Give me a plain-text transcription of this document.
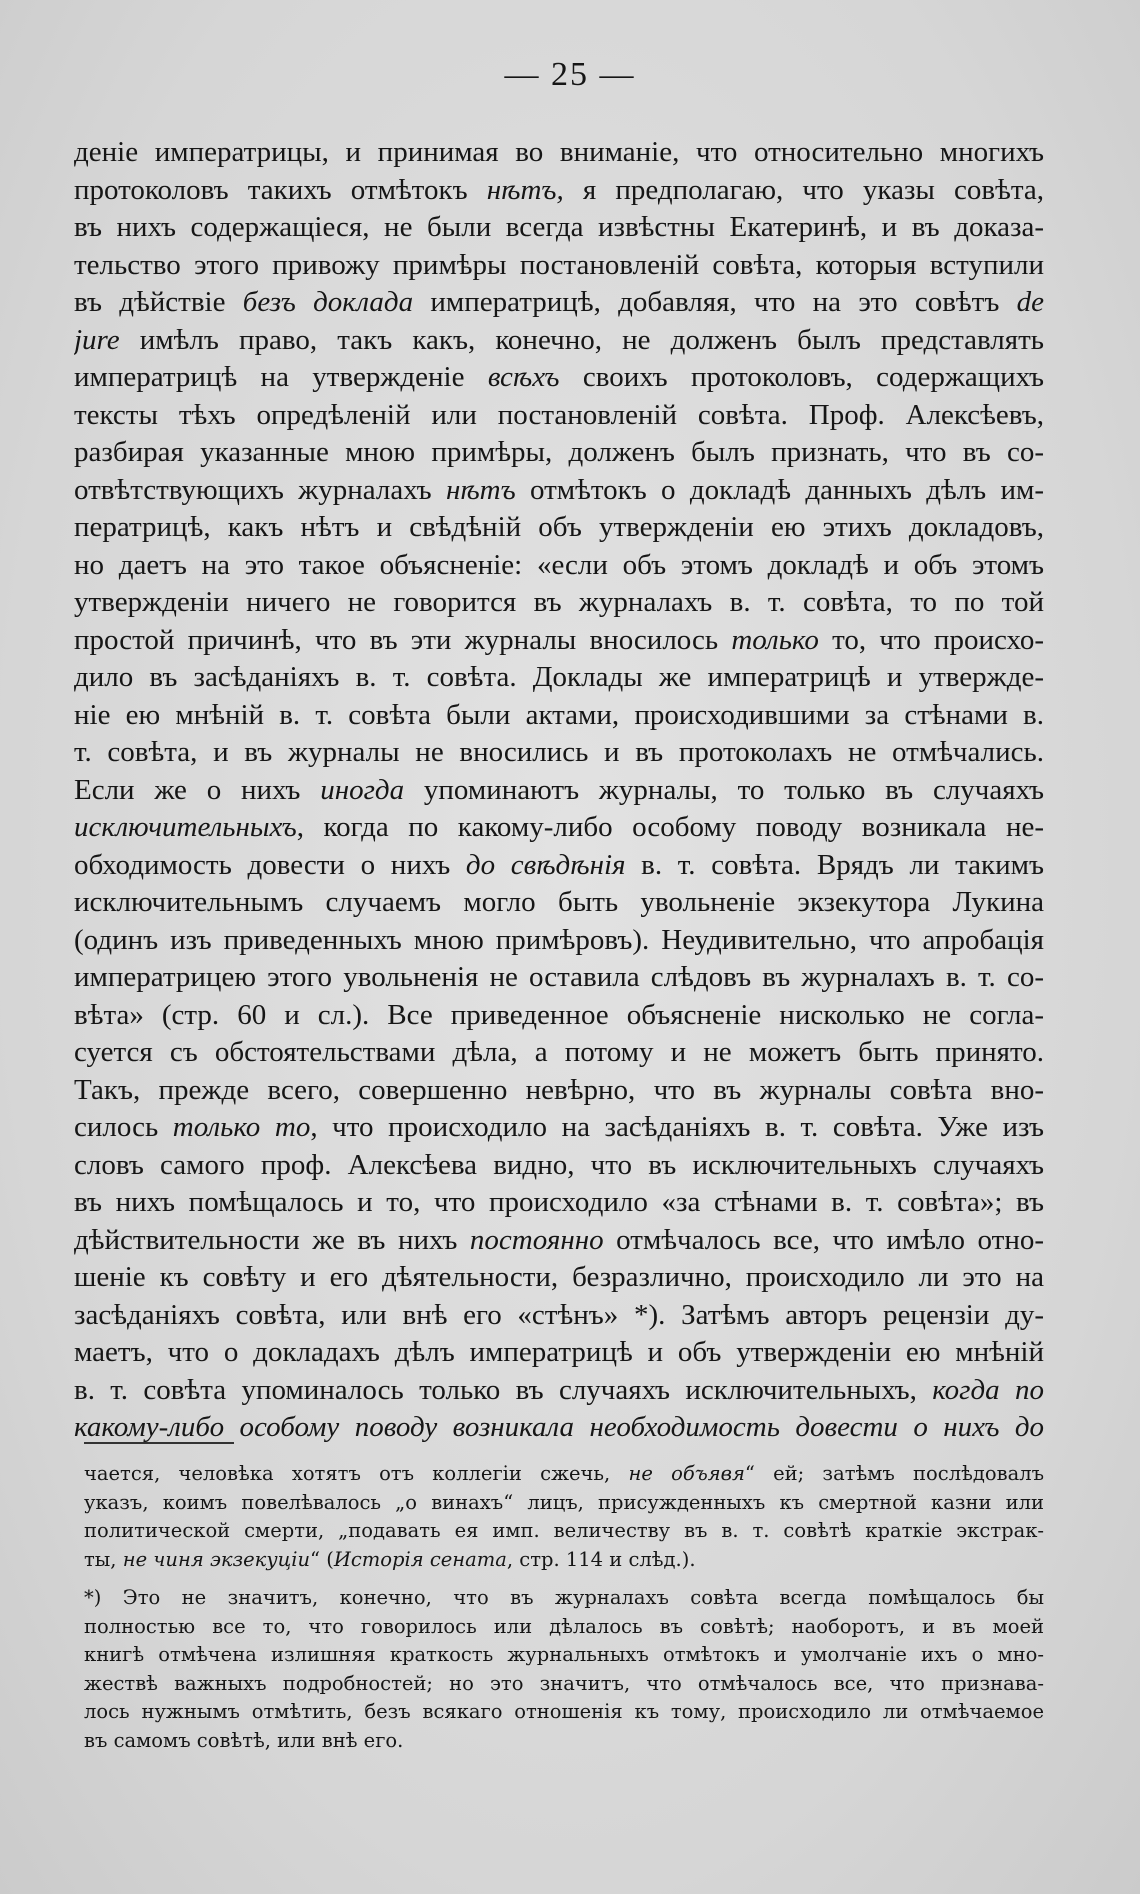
— 25 —
деніе императрицы, и принимая во вниманіе, что относительно многихъ
протоколовъ такихъ отмѣтокъ нѣтъ, я предполагаю, что указы совѣта,
въ нихъ содержащіеся, не были всегда извѣстны Екатеринѣ, и въ доказа-
тельство этого привожу примѣры постановленій совѣта, которыя вступили
въ дѣйствіе безъ доклада императрицѣ, добавляя, что на это совѣтъ de
jure имѣлъ право, такъ какъ, конечно, не долженъ былъ представлять
императрицѣ на утвержденіе всѣхъ своихъ протоколовъ, содержащихъ
тексты тѣхъ опредѣленій или постановленій совѣта. Проф. Алексѣевъ,
разбирая указанные мною примѣры, долженъ былъ признать, что въ со-
отвѣтствующихъ журналахъ нѣтъ отмѣтокъ о докладѣ данныхъ дѣлъ им-
ператрицѣ, какъ нѣтъ и свѣдѣній объ утвержденіи ею этихъ докладовъ,
но даетъ на это такое объясненіе: «если объ этомъ докладѣ и объ этомъ
утвержденіи ничего не говорится въ журналахъ в. т. совѣта, то по той
простой причинѣ, что въ эти журналы вносилось только то, что происхо-
дило въ засѣданіяхъ в. т. совѣта. Доклады же императрицѣ и утвержде-
ніе ею мнѣній в. т. совѣта были актами, происходившими за стѣнами в.
т. совѣта, и въ журналы не вносились и въ протоколахъ не отмѣчались.
Если же о нихъ иногда упоминаютъ журналы, то только въ случаяхъ
исключительныхъ, когда по какому-либо особому поводу возникала не-
обходимость довести о нихъ до свѣдѣнія в. т. совѣта. Врядъ ли такимъ
исключительнымъ случаемъ могло быть увольненіе экзекутора Лукина
(одинъ изъ приведенныхъ мною примѣровъ). Неудивительно, что апробація
императрицею этого увольненія не оставила слѣдовъ въ журналахъ в. т. со-
вѣта» (стр. 60 и сл.). Все приведенное объясненіе нисколько не согла-
суется съ обстоятельствами дѣла, а потому и не можетъ быть принято.
Такъ, прежде всего, совершенно невѣрно, что въ журналы совѣта вно-
силось только то, что происходило на засѣданіяхъ в. т. совѣта. Уже изъ
словъ самого проф. Алексѣева видно, что въ исключительныхъ случаяхъ
въ нихъ помѣщалось и то, что происходило «за стѣнами в. т. совѣта»; въ
дѣйствительности же въ нихъ постоянно отмѣчалось все, что имѣло отно-
шеніе къ совѣту и его дѣятельности, безразлично, происходило ли это на
засѣданіяхъ совѣта, или внѣ его «стѣнъ» *). Затѣмъ авторъ рецензіи ду-
маетъ, что о докладахъ дѣлъ императрицѣ и объ утвержденіи ею мнѣній
в. т. совѣта упоминалось только въ случаяхъ исключительныхъ, когда по
какому-либо особому поводу возникала необходимость довести о нихъ до
чается, человѣка хотятъ отъ коллегіи сжечь, не объявя“ ей; затѣмъ послѣдовалъ
указъ, коимъ повелѣвалось „о винахъ“ лицъ, присужденныхъ къ смертной казни или
политической смерти, „подавать ея имп. величеству въ в. т. совѣтѣ краткіе экстрак-
ты, не чиня экзекуціи“ (Исторія сената, стр. 114 и слѣд.).
*) Это не значитъ, конечно, что въ журналахъ совѣта всегда помѣщалось бы
полностью все то, что говорилось или дѣлалось въ совѣтѣ; наоборотъ, и въ моей
книгѣ отмѣчена излишняя краткость журнальныхъ отмѣтокъ и умолчаніе ихъ о мно-
жествѣ важныхъ подробностей; но это значитъ, что отмѣчалось все, что признава-
лось нужнымъ отмѣтить, безъ всякаго отношенія къ тому, происходило ли отмѣчаемое
въ самомъ совѣтѣ, или внѣ его.
